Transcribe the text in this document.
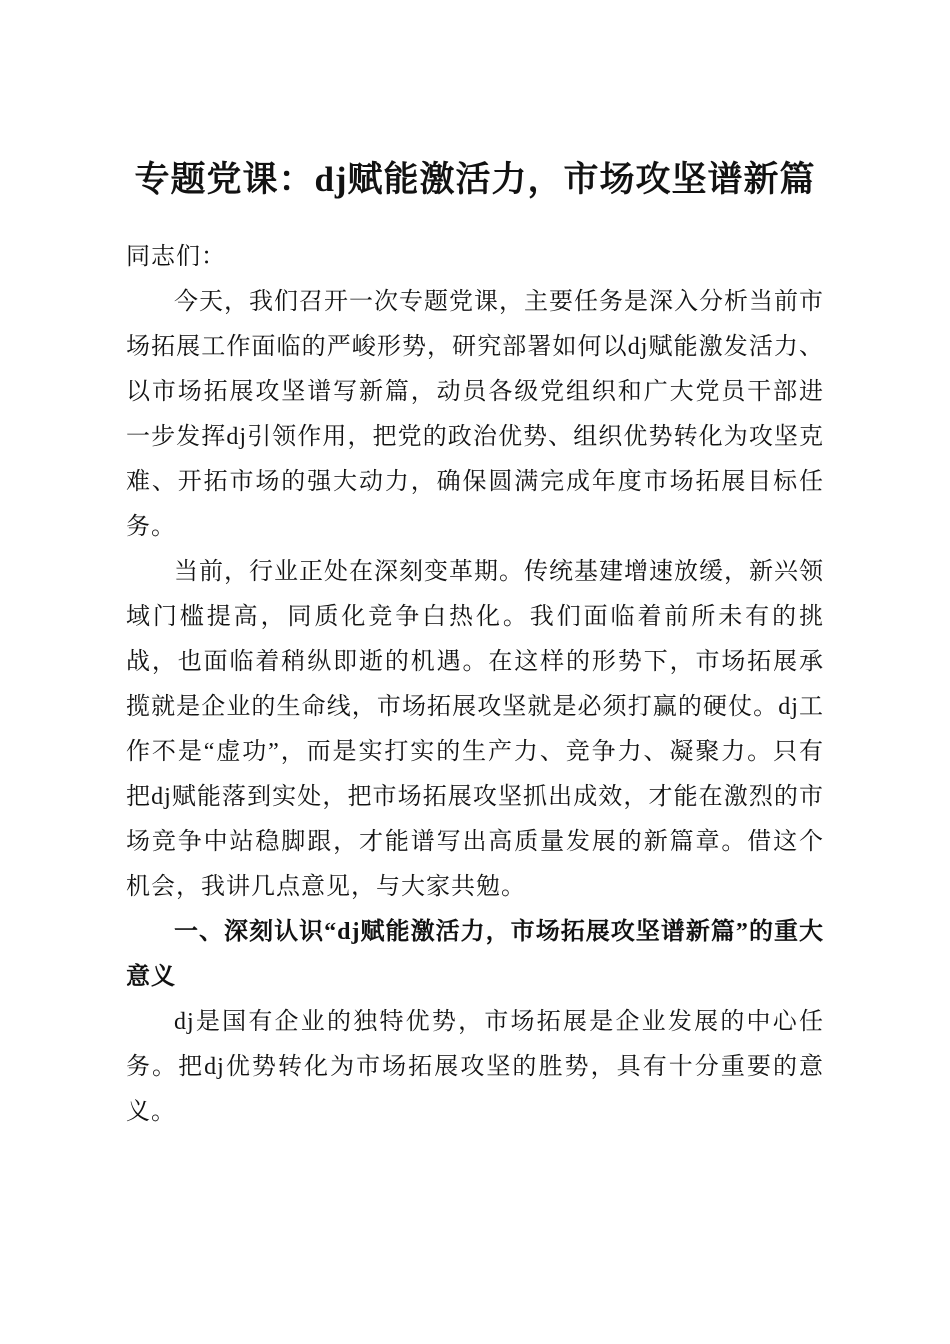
专题党课：dj赋能激活力，市场攻坚谱新篇

同志们：

今天，我们召开一次专题党课，主要任务是深入分析当前市场拓展工作面临的严峻形势，研究部署如何以dj赋能激发活力、以市场拓展攻坚谱写新篇，动员各级党组织和广大党员干部进一步发挥dj引领作用，把党的政治优势、组织优势转化为攻坚克难、开拓市场的强大动力，确保圆满完成年度市场拓展目标任务。

当前，行业正处在深刻变革期。传统基建增速放缓，新兴领域门槛提高，同质化竞争白热化。我们面临着前所未有的挑战，也面临着稍纵即逝的机遇。在这样的形势下，市场拓展承揽就是企业的生命线，市场拓展攻坚就是必须打赢的硬仗。dj工作不是“虚功”，而是实打实的生产力、竞争力、凝聚力。只有把dj赋能落到实处，把市场拓展攻坚抓出成效，才能在激烈的市场竞争中站稳脚跟，才能谱写出高质量发展的新篇章。借这个机会，我讲几点意见，与大家共勉。

一、深刻认识“dj赋能激活力，市场拓展攻坚谱新篇”的重大意义

dj是国有企业的独特优势，市场拓展是企业发展的中心任务。把dj优势转化为市场拓展攻坚的胜势，具有十分重要的意义。
